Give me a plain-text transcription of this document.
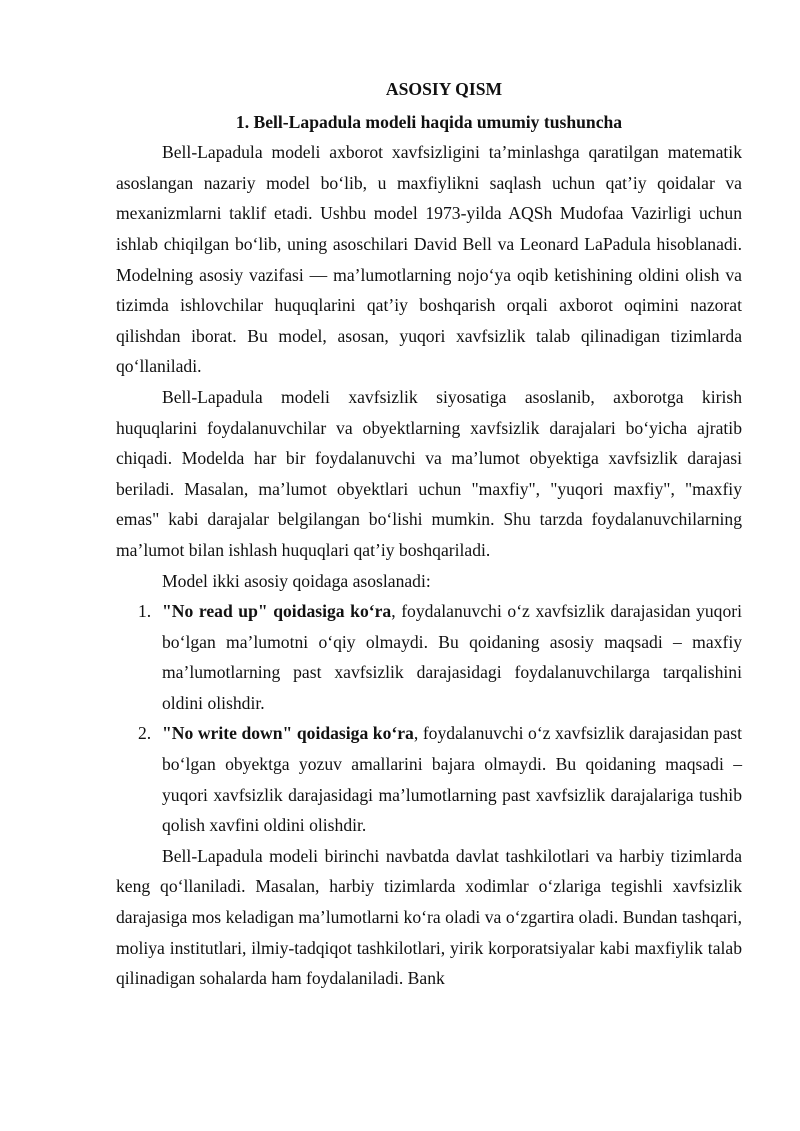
ASOSIY QISM

1. Bell-Lapadula modeli haqida umumiy tushuncha

Bell-Lapadula modeli axborot xavfsizligini ta’minlashga qaratilgan matematik asoslangan nazariy model bo‘lib, u maxfiylikni saqlash uchun qat’iy qoidalar va mexanizmlarni taklif etadi. Ushbu model 1973-yilda AQSh Mudofaa Vazirligi uchun ishlab chiqilgan bo‘lib, uning asoschilari David Bell va Leonard LaPadula hisoblanadi. Modelning asosiy vazifasi — ma’lumotlarning nojo‘ya oqib ketishining oldini olish va tizimda ishlovchilar huquqlarini qat’iy boshqarish orqali axborot oqimini nazorat qilishdan iborat. Bu model, asosan, yuqori xavfsizlik talab qilinadigan tizimlarda qo‘llaniladi.

Bell-Lapadula modeli xavfsizlik siyosatiga asoslanib, axborotga kirish huquqlarini foydalanuvchilar va obyektlarning xavfsizlik darajalari bo‘yicha ajratib chiqadi. Modelda har bir foydalanuvchi va ma’lumot obyektiga xavfsizlik darajasi beriladi. Masalan, ma’lumot obyektlari uchun "maxfiy", "yuqori maxfiy", "maxfiy emas" kabi darajalar belgilangan bo‘lishi mumkin. Shu tarzda foydalanuvchilarning ma’lumot bilan ishlash huquqlari qat’iy boshqariladi.

Model ikki asosiy qoidaga asoslanadi:

1. "No read up" qoidasiga ko‘ra, foydalanuvchi o‘z xavfsizlik darajasidan yuqori bo‘lgan ma’lumotni o‘qiy olmaydi. Bu qoidaning asosiy maqsadi – maxfiy ma’lumotlarning past xavfsizlik darajasidagi foydalanuvchilarga tarqalishini oldini olishdir.
2. "No write down" qoidasiga ko‘ra, foydalanuvchi o‘z xavfsizlik darajasidan past bo‘lgan obyektga yozuv amallarini bajara olmaydi. Bu qoidaning maqsadi – yuqori xavfsizlik darajasidagi ma’lumotlarning past xavfsizlik darajalariga tushib qolish xavfini oldini olishdir.

Bell-Lapadula modeli birinchi navbatda davlat tashkilotlari va harbiy tizimlarda keng qo‘llaniladi. Masalan, harbiy tizimlarda xodimlar o‘zlariga tegishli xavfsizlik darajasiga mos keladigan ma’lumotlarni ko‘ra oladi va o‘zgartira oladi. Bundan tashqari, moliya institutlari, ilmiy-tadqiqot tashkilotlari, yirik korporatsiyalar kabi maxfiylik talab qilinadigan sohalarda ham foydalaniladi. Bank
